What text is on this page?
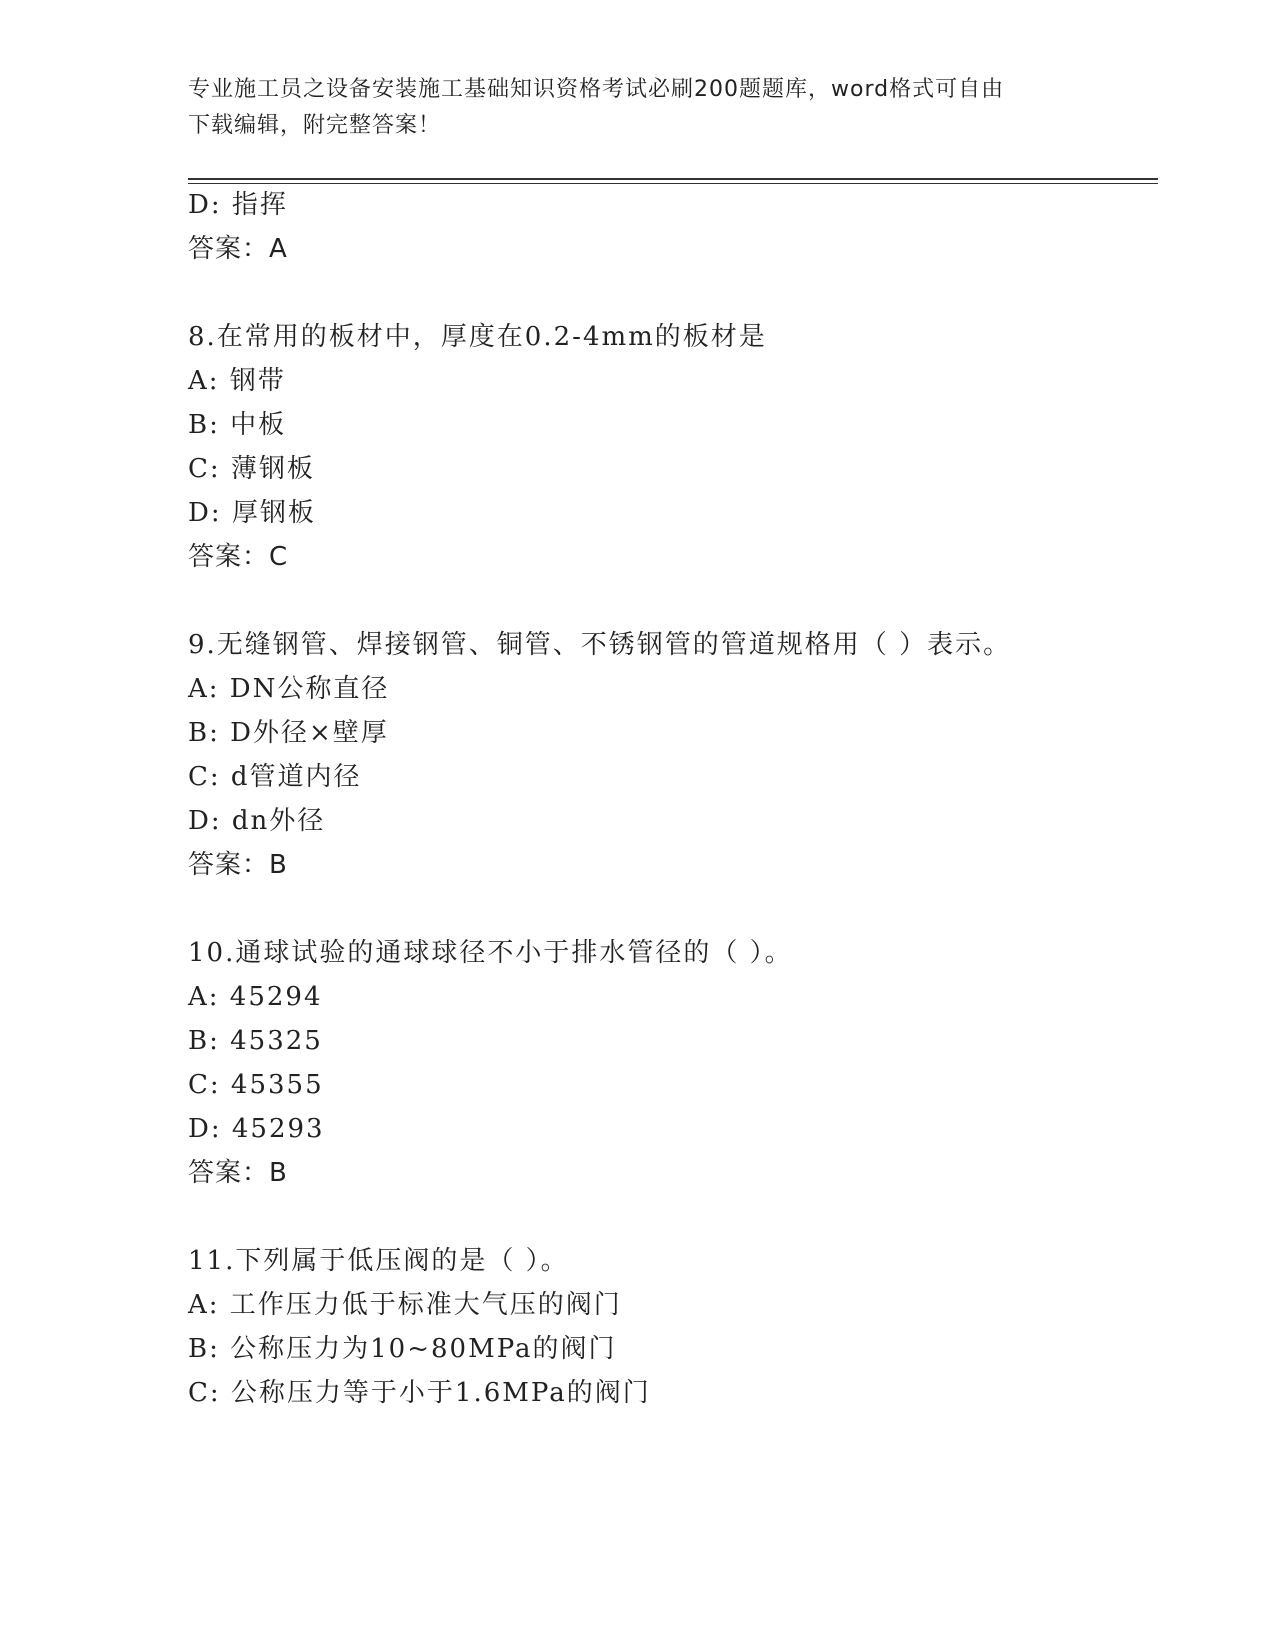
专业施工员之设备安装施工基础知识资格考试必刷200题题库，word格式可自由
下载编辑，附完整答案！
D: 指挥
答案：A
8.在常用的板材中，厚度在0.2-4mm的板材是
A: 钢带
B: 中板
C: 薄钢板
D: 厚钢板
答案：C
9.无缝钢管、焊接钢管、铜管、不锈钢管的管道规格用（ ）表示。
A: DN公称直径
B: D外径×壁厚
C: d管道内径
D: dn外径
答案：B
10.通球试验的通球球径不小于排水管径的（ ）。
A: 45294
B: 45325
C: 45355
D: 45293
答案：B
11.下列属于低压阀的是（ ）。
A: 工作压力低于标准大气压的阀门
B: 公称压力为10~80MPa的阀门
C: 公称压力等于小于1.6MPa的阀门
